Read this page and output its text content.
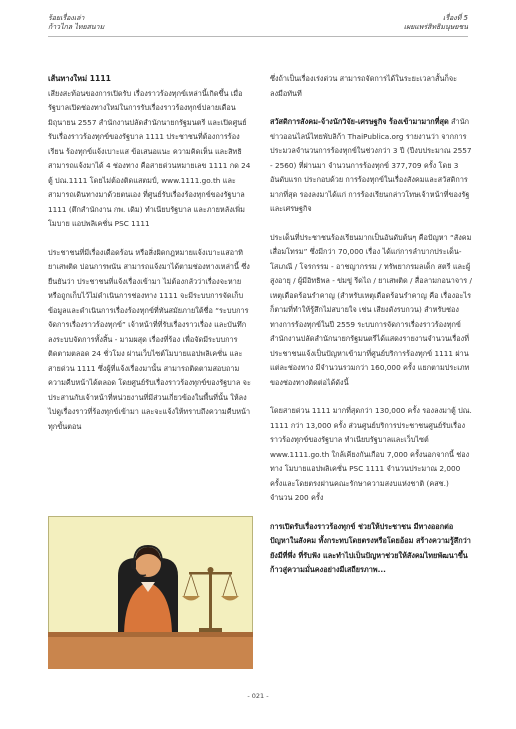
ร้อยเรื่องเล่า
ก้าวไกล ไทยสนาม
เรื่องที่ 5
เผยแพร่สิทธิมนุษยชน
เส้นทางใหม่ 1111

เสียงสะท้อนของการเปิดรับ เรื่องราวร้องทุกข์เหล่านี้เกิดขึ้น เมื่อรัฐบาลเปิดช่องทางใหม่ในการรับเรื่องราวร้องทุกข์ปลายเดือนมิถุนายน 2557 สำนักงานปลัดสำนักนายกรัฐมนตรี และเปิดศูนย์รับเรื่องราวร้องทุกข์ของรัฐบาล 1111 ประชาชนที่ต้องการร้องเรียน ร้องทุกข์แจ้งเบาะแส ข้อเสนอแนะ ความคิดเห็น และสิทธิ สามารถแจ้งมาได้ 4 ช่องทาง คือสายด่วนหมายเลข 1111 กด 24 ตู้ ปณ.1111 โดยไม่ต้องติดแสตมป์, www.1111.go.th และสามารถเดินทางมาด้วยตนเอง ที่ศูนย์รับเรื่องร้องทุกข์ของรัฐบาล 1111 (ตึกสำนักงาน กพ. เดิม) ทำเนียบรัฐบาล และภายหลังเพิ่ม โมบาย แอปพลิเคชั่น PSC 1111

ประชาชนที่มีเรื่องเดือดร้อน หรือสิ่งผิดกฎหมายแจ้งเบาะแสอาทิ ยาเสพติด บ่อนการพนัน สามารถแจ้งมาได้ตามช่องทางเหล่านี้ ซึ่งยืนยันว่า ประชาชนที่แจ้งเรื่องเข้ามา ไม่ต้องกลัวว่าเรื่องจะหาย หรือถูกเก็บไว้ไม่ดำเนินการช่องทาง 1111 จะมีระบบการจัดเก็บข้อมูลและดำเนินการเรื่องร้องทุกข์ที่ทันสมัยภายใต้ชื่อ “ระบบการจัดการเรื่องราวร้องทุกข์” เจ้าหน้าที่ที่รับเรื่องราวเรื่อง และบันทึกลงระบบจัดการทั้งสิ้น - มามผสุด เรื่องที่ร้อง เพื่อจัดมีระบบการติดตามตลอด 24 ชั่วโมง ผ่านเว็บไซต์โมบายแอปพลิเคชั่น และสายด่วน 1111 ซึ่งผู้ที่แจ้งเรื่องมานั้น สามารถติดตามสอบถามความคืบหน้าได้ตลอด โดยศูนย์รับเรื่องราวร้องทุกข์ของรัฐบาล จะประสานกับเจ้าหน้าที่หน่วยงานที่มีส่วนเกี่ยวข้องในพื้นที่นั้น ให้ลงไปดูเรื่องราวที่ร้องทุกข์เข้ามา และจะแจ้งให้ทราบถึงความคืบหน้าทุกขั้นตอน

ซึ่งถ้าเป็นเรื่องเร่งด่วน สามารถจัดการได้ในระยะเวลาสั้นก็จะลงมือทันที

สวัสดิการสังคม-จ้างนักวิจัย-เศรษฐกิจ ร้องเข้ามามากที่สุด สำนักข่าวออนไลน์ไทยพับลิก้า ThaiPublica.org รายงานว่า จากการประมวลจำนวนการร้องทุกข์ในช่วงกว่า 3 ปี (ปีงบประมาณ 2557 - 2560) ที่ผ่านมา จำนวนการร้องทุกข์ 377,709 ครั้ง โดย 3 อันดับแรก ประกอบด้วย การร้องทุกข์ในเรื่องสังคมและสวัสดิการมากที่สุด รองลงมาได้แก่ การร้องเรียนกล่าวโทษเจ้าหน้าที่ของรัฐและเศรษฐกิจ

ประเด็นที่ประชาชนร้องเรียนมากเป็นอันดับต้นๆ คือปัญหา “สังคมเสื่อมโทรม” ซึ่งมีกว่า 70,000 เรื่อง ได้แก่การลำบากประเด็น-โสเภณี / โจรกรรม - อาชญากรรม / ทรัพยากรมลเด็ก สตรี และผู้สูงอายุ / ผู้มีอิทธิพล - ข่มขู่ รีดไถ / ยาเสพติด / สื่อลามกอนาจาร / เหตุเดือดร้อนรำคาญ (สำหรับเหตุเดือดร้อนรำคาญ คือ เรื่องอะไรก็ตามที่ทำให้รู้สึกไม่สบายใจ เช่น เสียงดังรบกวน) สำหรับช่องทางการร้องทุกข์ในปี 2559 ระบบการจัดการเรื่องราวร้องทุกข์ สำนักงานปลัดสำนักนายกรัฐมนตรีได้แสดงรายงานจำนวนเรื่องที่ประชาชนแจ้งเป็นปัญหาเข้ามาที่ศูนย์บริการร้องทุกข์ 1111 ผ่านแต่ละช่องทาง มีจำนวนรวมกว่า 160,000 ครั้ง แยกตามประเภทของช่องทางติดต่อได้ดังนี้

โดยสายด่วน 1111 มากที่สุดกว่า 130,000 ครั้ง รองลงมาตู้ ปณ. 1111 กว่า 13,000 ครั้ง ส่วนศูนย์บริการประชาชนศูนย์รับเรื่องราวร้องทุกข์ของรัฐบาล ทำเนียบรัฐบาลและเว็บไซต์ www.1111.go.th ใกล้เคียงกันเกือบ 7,000 ครั้งนอกจากนี้ ช่องทาง โมบายแอปพลิเคชั่น PSC 1111 จำนวนประมาณ 2,000 ครั้งและโดยตรงผ่านคณะรักษาความสงบแห่งชาติ (คสช.) จำนวน 200 ครั้ง

การเปิดรับเรื่องราวร้องทุกข์ ช่วยให้ประชาชน มีทางออกต่อปัญหาในสังคม ทั้งกระทบโดยตรงหรือโดยอ้อม สร้างความรู้สึกว่ายังมีที่พึ่ง ที่รับฟัง และทำไปเป็นปัญหาช่วยให้สังคมไทยพัฒนาขึ้น ก้าวสู่ความมั่นคงอย่างมีเสถียรภาพ...

- 021 -
